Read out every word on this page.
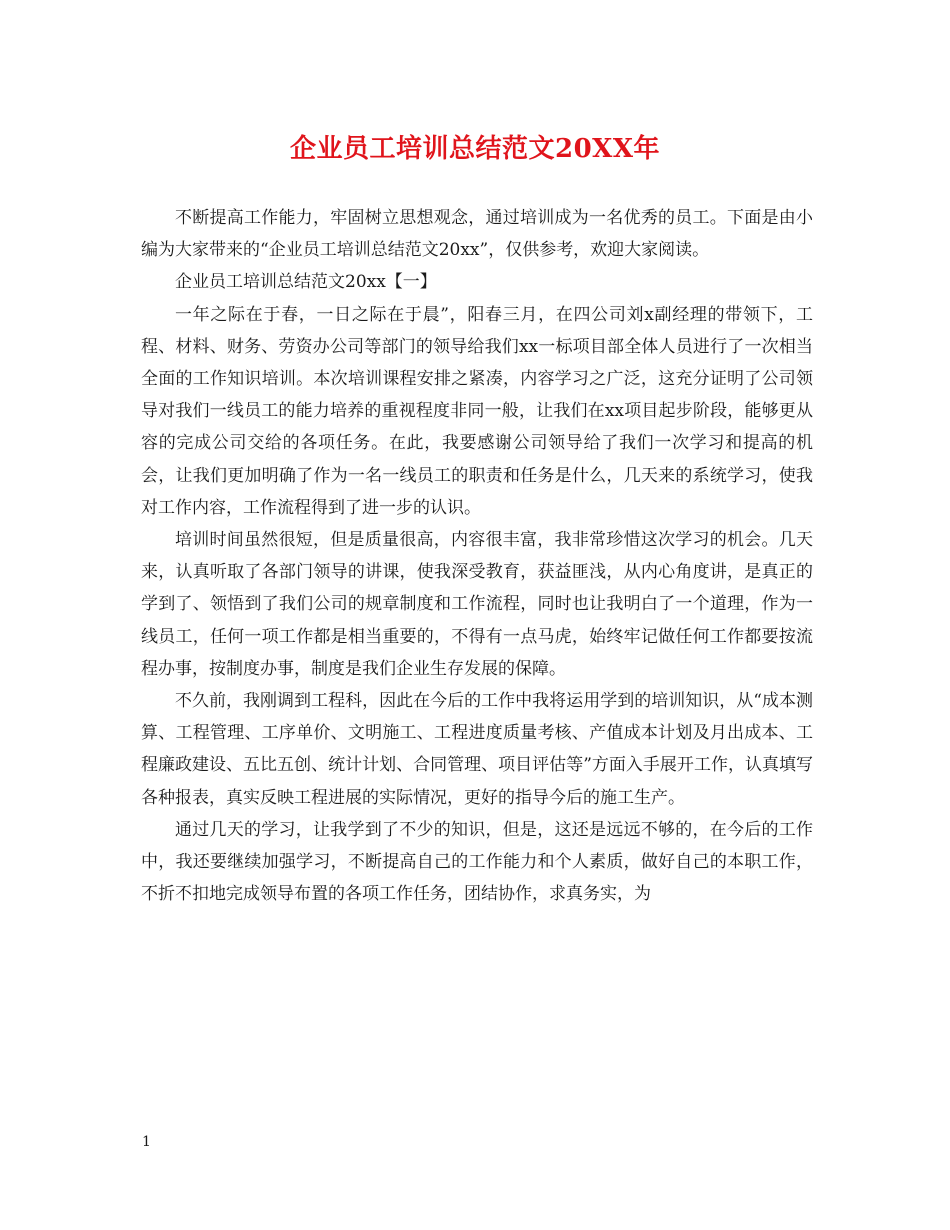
企业员工培训总结范文20XX年

不断提高工作能力，牢固树立思想观念，通过培训成为一名优秀的员工。下面是由小编为大家带来的“企业员工培训总结范文20xx”，仅供参考，欢迎大家阅读。

企业员工培训总结范文20xx【一】

一年之际在于春，一日之际在于晨”，阳春三月，在四公司刘x副经理的带领下，工程、材料、财务、劳资办公司等部门的领导给我们xx一标项目部全体人员进行了一次相当全面的工作知识培训。本次培训课程安排之紧凑，内容学习之广泛，这充分证明了公司领导对我们一线员工的能力培养的重视程度非同一般，让我们在xx项目起步阶段，能够更从容的完成公司交给的各项任务。在此，我要感谢公司领导给了我们一次学习和提高的机会，让我们更加明确了作为一名一线员工的职责和任务是什么，几天来的系统学习，使我对工作内容，工作流程得到了进一步的认识。

培训时间虽然很短，但是质量很高，内容很丰富，我非常珍惜这次学习的机会。几天来，认真听取了各部门领导的讲课，使我深受教育，获益匪浅，从内心角度讲，是真正的学到了、领悟到了我们公司的规章制度和工作流程，同时也让我明白了一个道理，作为一线员工，任何一项工作都是相当重要的，不得有一点马虎，始终牢记做任何工作都要按流程办事，按制度办事，制度是我们企业生存发展的保障。

不久前，我刚调到工程科，因此在今后的工作中我将运用学到的培训知识，从“成本测算、工程管理、工序单价、文明施工、工程进度质量考核、产值成本计划及月出成本、工程廉政建设、五比五创、统计计划、合同管理、项目评估等”方面入手展开工作，认真填写各种报表，真实反映工程进展的实际情况，更好的指导今后的施工生产。

通过几天的学习，让我学到了不少的知识，但是，这还是远远不够的，在今后的工作中，我还要继续加强学习，不断提高自己的工作能力和个人素质，做好自己的本职工作，不折不扣地完成领导布置的各项工作任务，团结协作，求真务实，为

1
